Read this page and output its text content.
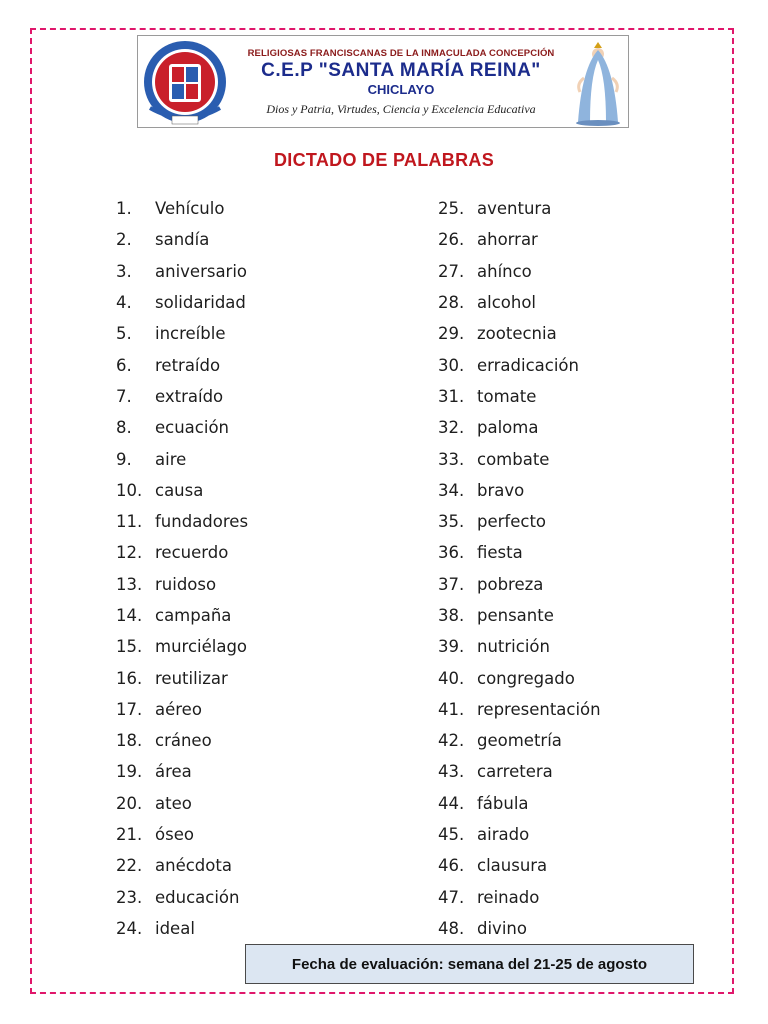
RELIGIOSAS FRANCISCANAS DE LA INMACULADA CONCEPCIÓN
C.E.P "SANTA MARÍA REINA"
CHICLAYO
Dios y Patria, Virtudes, Ciencia y Excelencia Educativa
DICTADO DE PALABRAS
1.	Vehículo
2.	sandía
3.	aniversario
4.	solidaridad
5.	increíble
6.	retraído
7.	extraído
8.	ecuación
9.	aire
10. causa
11. fundadores
12. recuerdo
13. ruidoso
14. campaña
15. murciélago
16. reutilizar
17. aéreo
18. cráneo
19. área
20. ateo
21. óseo
22. anécdota
23. educación
24. ideal
25. aventura
26. ahorrar
27. ahínco
28. alcohol
29. zootecnia
30. erradicación
31. tomate
32. paloma
33. combate
34. bravo
35. perfecto
36. fiesta
37. pobreza
38. pensante
39. nutrición
40. congregado
41. representación
42. geometría
43. carretera
44. fábula
45. airado
46. clausura
47. reinado
48. divino
Fecha de evaluación: semana del 21-25 de agosto
